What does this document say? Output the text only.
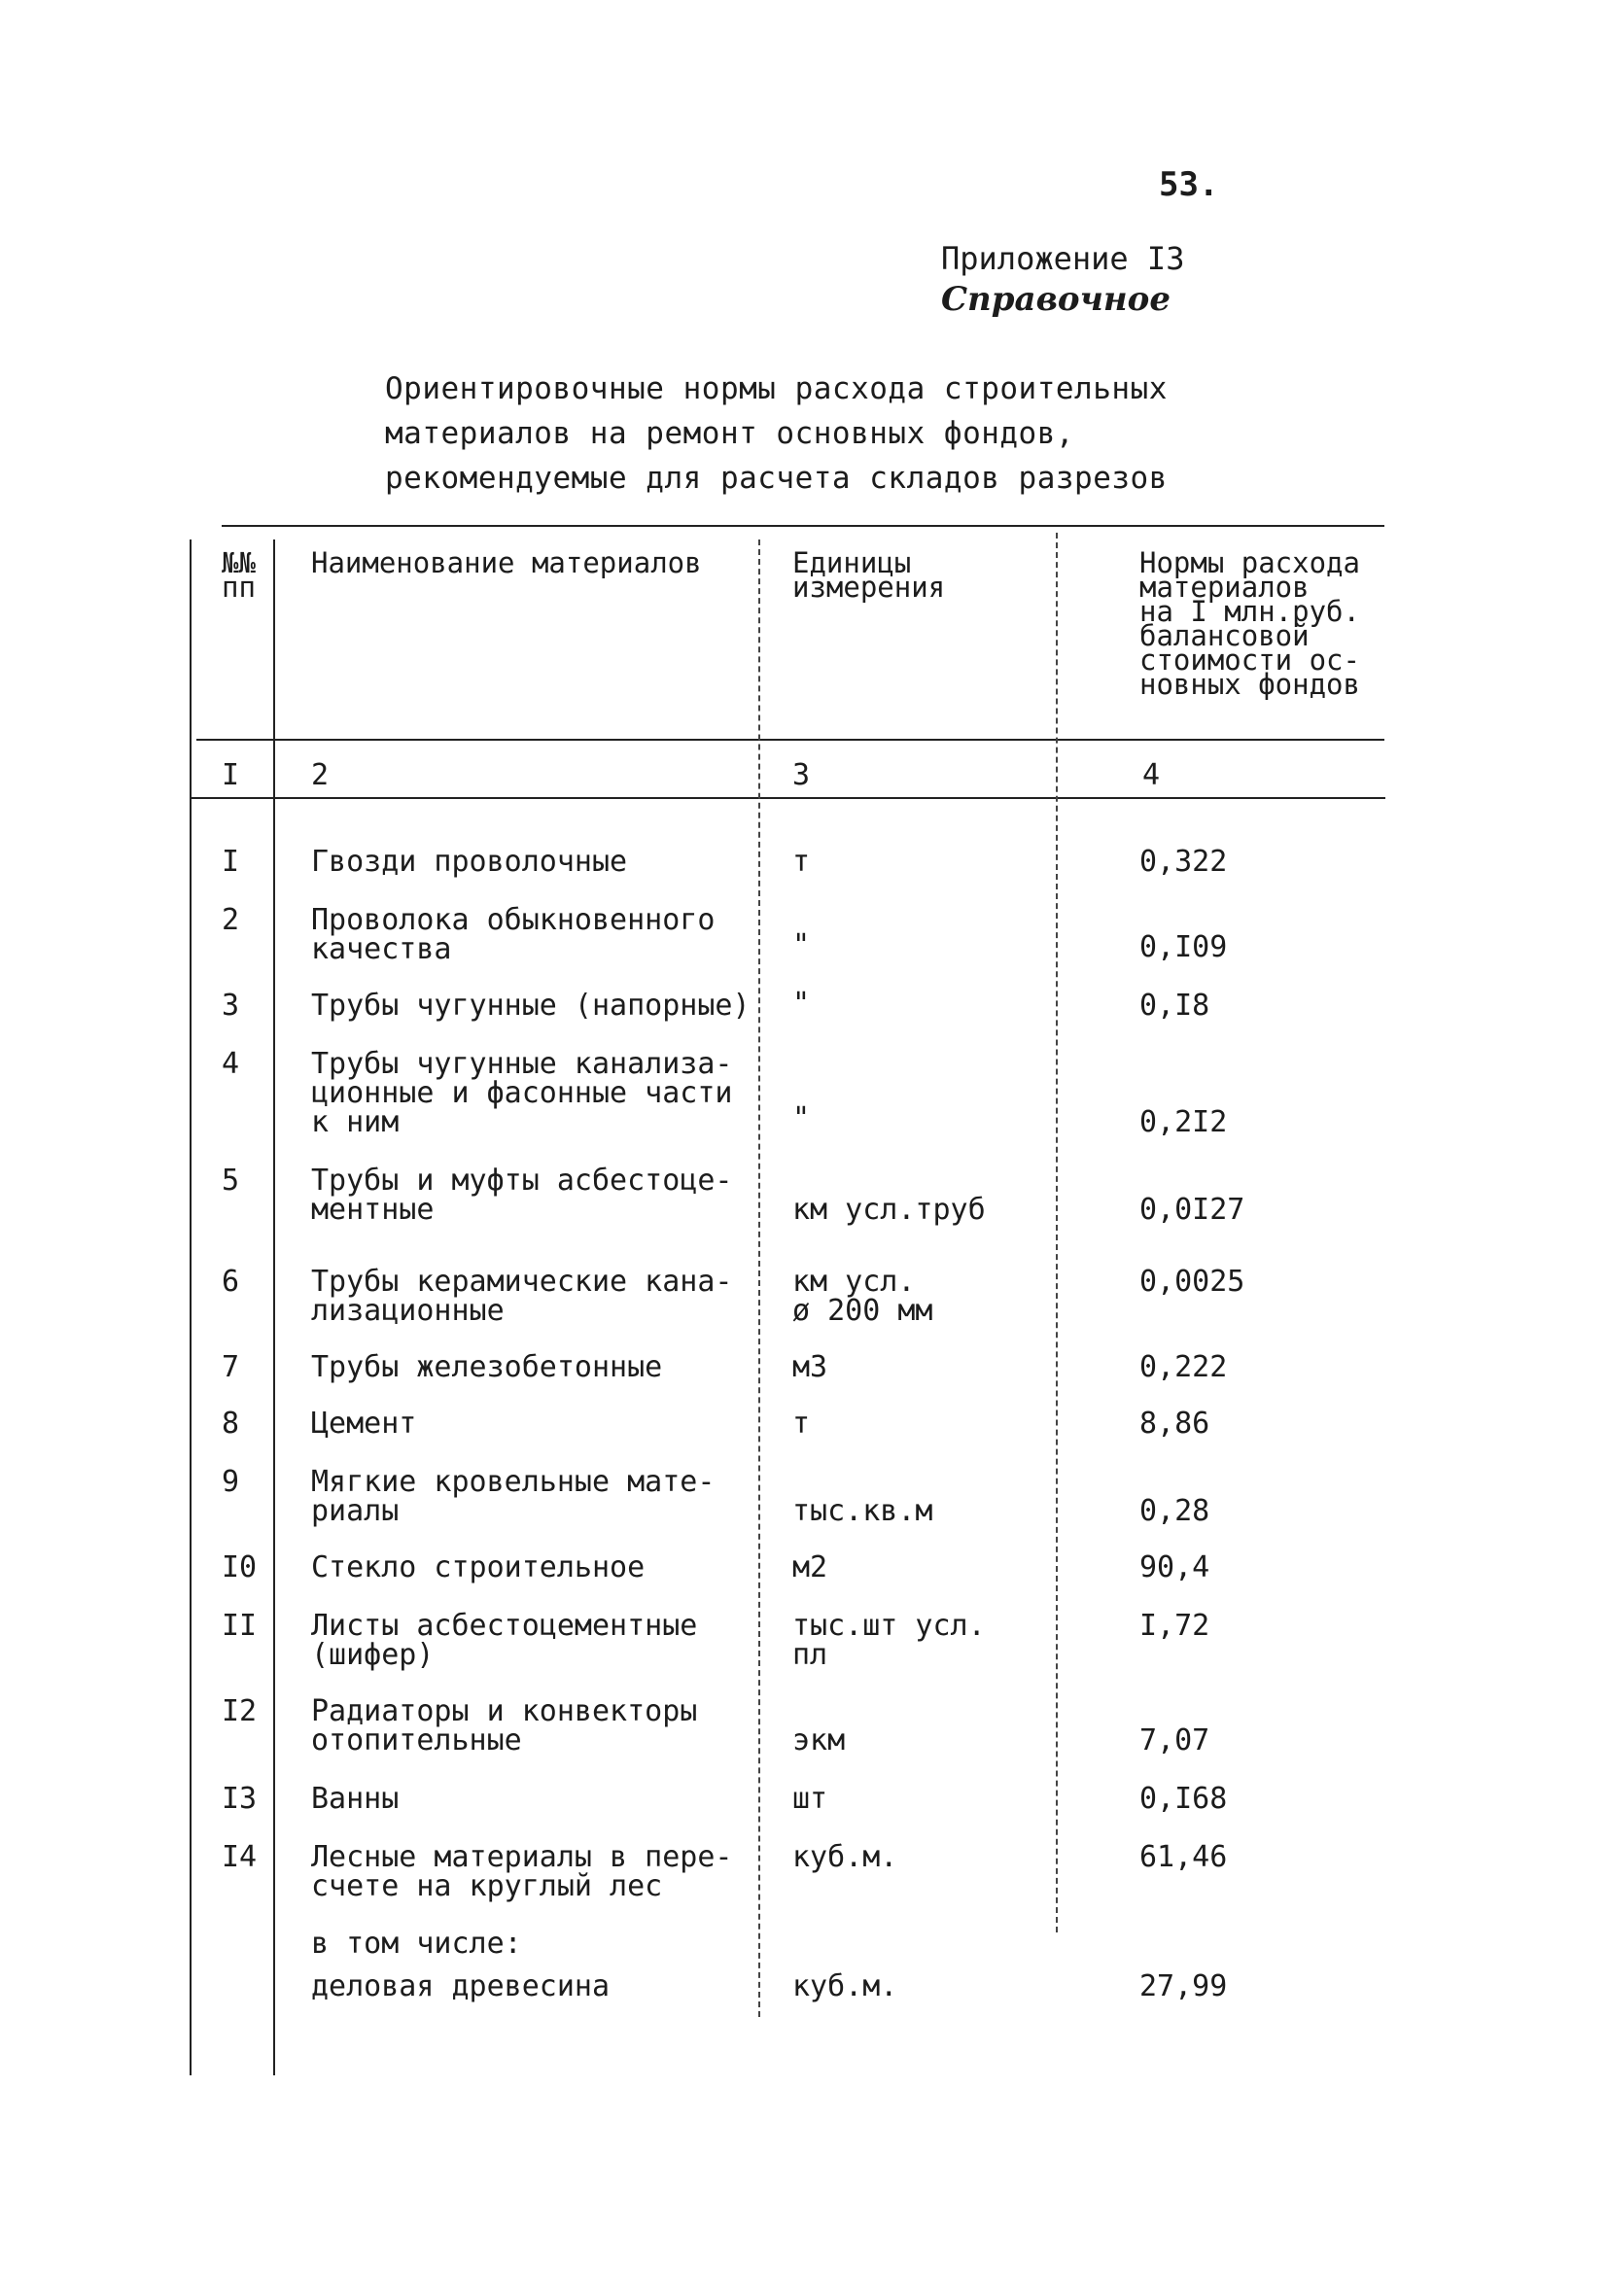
53.
Приложение I3
Справочное
Ориентировочные нормы расхода строительных
материалов на ремонт основных фондов,
рекомендуемые для расчета складов разрезов
№№
пп
Наименование материалов	Единицы
измерения
Нормы расхода
материалов
на I млн.руб.
балансовой
стоимости ос-
новных фондов
I 2	3	4
I Гвозди проволочные	т	0,322
2 Проволока обыкновенного
качества	"	0,I09
3 Трубы чугунные (напорные) "	0,I8
4 Трубы чугунные канализа-
ционные и фасонные части
к ним	"	0,2I2
5 Трубы и муфты асбестоце-
ментные	км усл.труб	0,0I27
6 Трубы керамические кана-
лизационные
км усл.
ø 200 мм
0,0025
7 Трубы железобетонные	м3	0,222
8 Цемент	т	8,86
9 Мягкие кровельные мате-
риалы	тыс.кв.м	0,28
I0 Стекло строительное	м2	90,4
II Листы асбестоцементные
(шифер)
тыс.шт усл.
пл
I,72
I2 Радиаторы и конвекторы
отопительные	экм	7,07
I3 Ванны	шт	0,I68
I4 Лесные материалы в пере-
счете на круглый лес
куб.м.	61,46
в том числе:
деловая древесина	куб.м.	27,99
